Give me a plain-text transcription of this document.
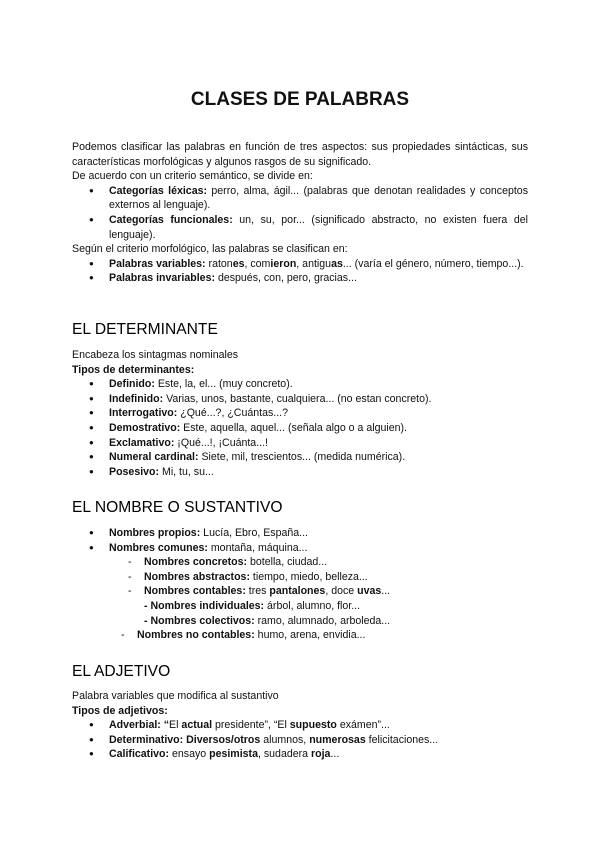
CLASES DE PALABRAS

Podemos clasificar las palabras en función de tres aspectos: sus propiedades sintácticas, sus características morfológicas y algunos rasgos de su significado.

De acuerdo con un criterio semántico, se divide en:

● Categorías léxicas: perro, alma, ágil... (palabras que denotan realidades y conceptos externos al lenguaje).
● Categorías funcionales: un, su, por... (significado abstracto, no existen fuera del lenguaje).

Según el criterio morfológico, las palabras se clasifican en:

● Palabras variables: ratones, comieron, antiguas... (varía el género, número, tiempo...).
● Palabras invariables: después, con, pero, gracias...
EL DETERMINANTE

Encabeza los sintagmas nominales

Tipos de determinantes:

● Definido: Este, la, el... (muy concreto).
● Indefinido: Varias, unos, bastante, cualquiera... (no estan concreto).
● Interrogativo: ¿Qué...?, ¿Cuántas...?
● Demostrativo: Este, aquella, aquel... (señala algo o a alguien).
● Exclamativo: ¡Qué...!, ¡Cuánta...!
● Numeral cardinal: Siete, mil, trescientos... (medida numérica).
● Posesivo: Mi, tu, su...
EL NOMBRE O SUSTANTIVO
● Nombres propios: Lucía, Ebro, España...
● Nombres comunes: montaña, máquina...
- Nombres concretos: botella, ciudad...
- Nombres abstractos: tiempo, miedo, belleza...
- Nombres contables: tres pantalones, doce uvas...
- Nombres individuales: árbol, alumno, flor...
- Nombres colectivos: ramo, alumnado, arboleda...
- Nombres no contables: humo, arena, envidia...
EL ADJETIVO

Palabra variables que modifica al sustantivo

Tipos de adjetivos:

● Adverbial: “El actual presidente”, “El supuesto exámen”...
● Determinativo: Diversos/otros alumnos, numerosas felicitaciones...
● Calificativo: ensayo pesimista, sudadera roja...
